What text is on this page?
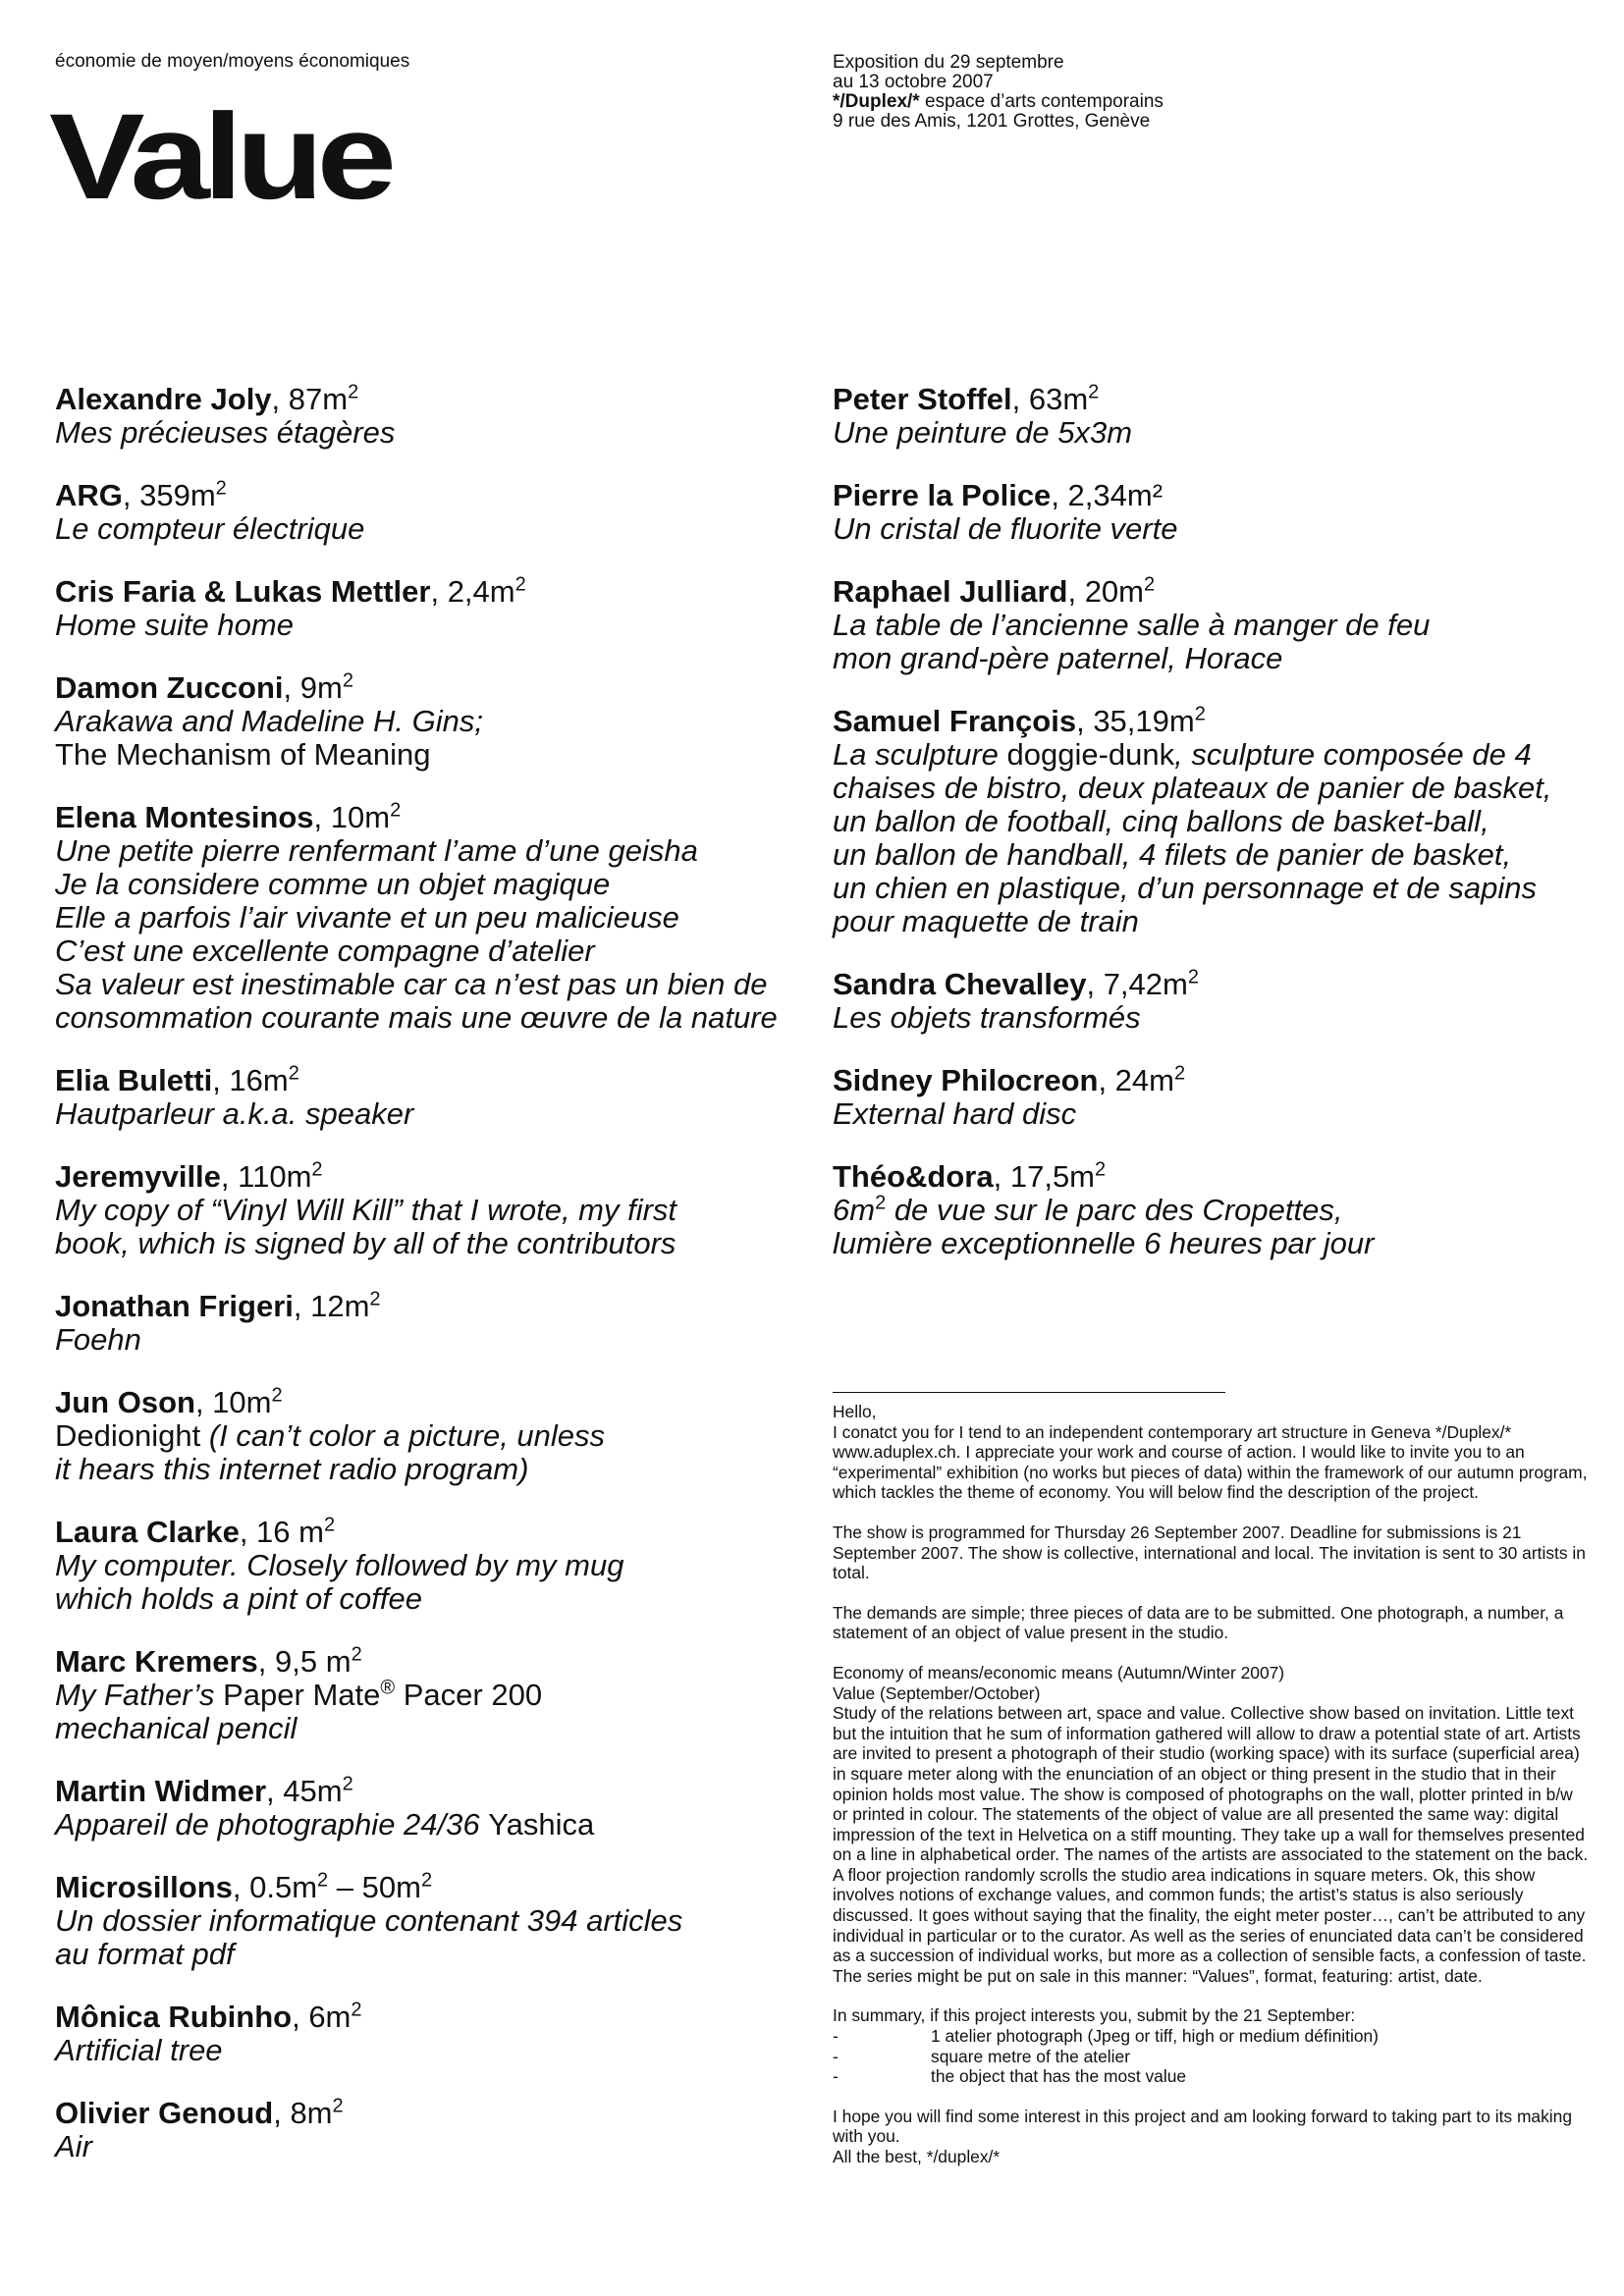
économie de moyen/moyens économiques
Value
Exposition du 29 septembre
au 13 octobre 2007
*/Duplex/* espace d’arts contemporains
9 rue des Amis, 1201 Grottes, Genève
Alexandre Joly, $87m^2$
Mes précieuses étagères
ARG, $359m^2$
Le compteur électrique
Cris Faria & Lukas Mettler, $2,4m^2$
Home suite home
Damon Zucconi, $9m^2$
Arakawa and Madeline H. Gins;
The Mechanism of Meaning
Elena Montesinos, $10m^2$
Une petite pierre renfermant l’ame d’une geisha
Je la considere comme un objet magique
Elle a parfois l’air vivante et un peu malicieuse
C’est une excellente compagne d’atelier
Sa valeur est inestimable car ca n’est pas un bien de
consommation courante mais une œuvre de la nature
Elia Buletti, $16m^2$
Hautparleur a.k.a. speaker
Jeremyville, $110m^2$
My copy of “Vinyl Will Kill” that I wrote, my first
book, which is signed by all of the contributors
Jonathan Frigeri, $12m^2$
Foehn
Jun Oson, $10m^2$
Dedionight (I can’t color a picture, unless
it hears this internet radio program)
Laura Clarke, 16 $m^2$
My computer. Closely followed by my mug
which holds a pint of coffee
Marc Kremers, 9,5 $m^2$
My Father’s Paper Mate® Pacer 200
mechanical pencil
Martin Widmer, $45m^2$
Appareil de photographie 24/36 Yashica
Microsillons, $0.5m^2 - 50m^2$
Un dossier informatique contenant 394 articles
au format pdf
Mônica Rubinho, $6m^2$
Artificial tree
Olivier Genoud, $8m^2$
Air
Peter Stoffel, $63m^2$
Une peinture de 5x3m
Pierre la Police, 2,34m²
Un cristal de fluorite verte
Raphael Julliard, $20m^2$
La table de l’ancienne salle à manger de feu
mon grand-père paternel, Horace
Samuel François, $35,19m^2$
La sculpture doggie-dunk, sculpture composée de 4
chaises de bistro, deux plateaux de panier de basket,
un ballon de football, cinq ballons de basket-ball,
un ballon de handball, 4 filets de panier de basket,
un chien en plastique, d’un personnage et de sapins
pour maquette de train
Sandra Chevalley, $7,42m^2$
Les objets transformés
Sidney Philocreon, $24m^2$
External hard disc
Théo&dora, $17,5m^2$
$6m^2$ de vue sur le parc des Cropettes,
lumière exceptionnelle 6 heures par jour

Hello,
I conatct you for I tend to an independent contemporary art structure in Geneva */Duplex/* www.aduplex.ch. I appreciate your work and course of action. I would like to invite you to an “experimental” exhibition (no works but pieces of data) within the framework of our autumn program, which tackles the theme of economy. You will below find the description of the project.

The show is programmed for Thursday 26 September 2007. Deadline for submissions is 21 September 2007. The show is collective, international and local. The invitation is sent to 30 artists in total.

The demands are simple; three pieces of data are to be submitted. One photograph, a number, a statement of an object of value present in the studio.

Economy of means/economic means (Autumn/Winter 2007)
Value (September/October)
Study of the relations between art, space and value. Collective show based on invitation. Little text but the intuition that he sum of information gathered will allow to draw a potential state of art. Artists are invited to present a photograph of their studio (working space) with its surface (superficial area) in square meter along with the enunciation of an object or thing present in the studio that in their opinion holds most value. The show is composed of photographs on the wall, plotter printed in b/w or printed in colour. The statements of the object of value are all presented the same way: digital impression of the text in Helvetica on a stiff mounting. They take up a wall for themselves presented on a line in alphabetical order. The names of the artists are associated to the statement on the back. A floor projection randomly scrolls the studio area indications in square meters. Ok, this show involves notions of exchange values, and common funds; the artist’s status is also seriously discussed. It goes without saying that the finality, the eight meter poster…, can’t be attributed to any individual in particular or to the curator. As well as the series of enunciated data can’t be considered as a succession of individual works, but more as a collection of sensible facts, a confession of taste. The series might be put on sale in this manner: “Values”, format, featuring: artist, date.

In summary, if this project interests you, submit by the 21 September:
-	1 atelier photograph (Jpeg or tiff, high or medium définition)
-	square metre of the atelier
-	the object that has the most value

I hope you will find some interest in this project and am looking forward to taking part to its making with you.
All the best, */duplex/*
